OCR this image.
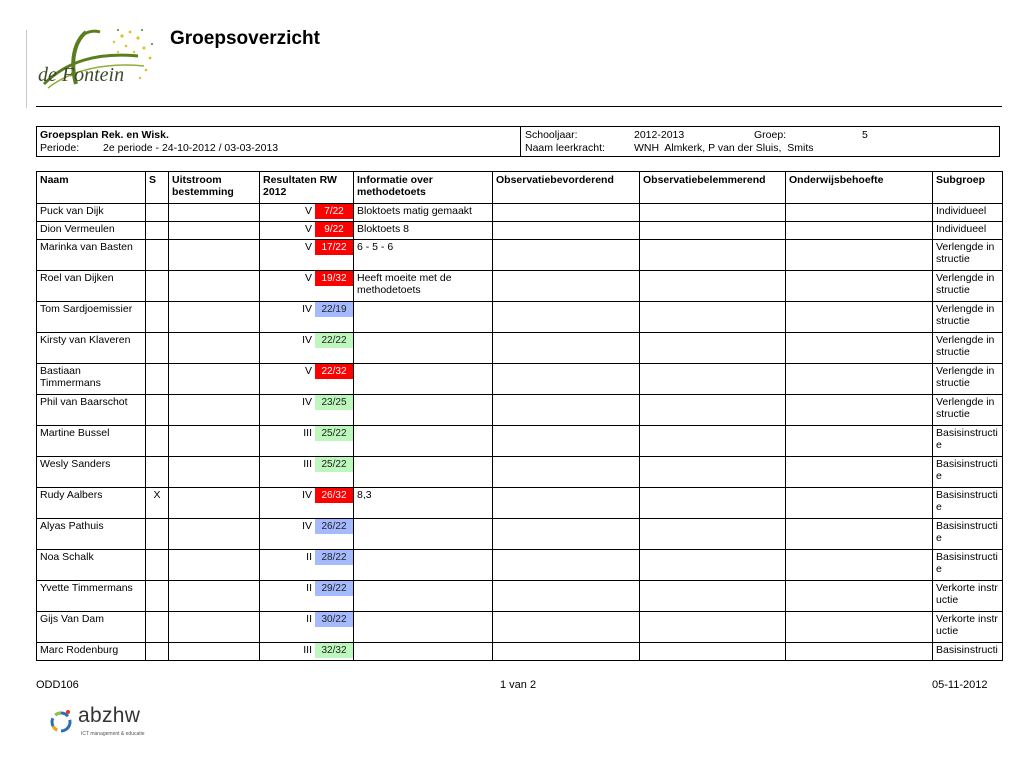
de Fontein
Groepsoverzicht
Groepsplan Rek. en Wisk.
Periode: 2e periode - 24-10-2012 / 03-03-2013
Schooljaar:	2012-2013	Groep:	5
Naam leerkracht:	WNH  Almkerk, P van der Sluis,  Smits
Naam	S	Uitstroom bestemming	Resultaten RW 2012	Informatie over methodetoets	Observatiebevorderend	Observatiebelemmerend	Onderwijsbehoefte	Subgroep
Puck van Dijk			V 7/22	Bloktoets matig gemaakt				Individueel
Dion Vermeulen			V 9/22	Bloktoets 8				Individueel
Marinka van Basten			V 17/22	6 - 5 - 6				Verlengde instructie
Roel van Dijken			V 19/32	Heeft moeite met de methodetoets				Verlengde instructie
Tom Sardjoemissier			IV 22/19					Verlengde instructie
Kirsty van Klaveren			IV 22/22					Verlengde instructie
Bastiaan Timmermans			V 22/32					Verlengde instructie
Phil van Baarschot			IV 23/25					Verlengde instructie
Martine Bussel			III 25/22					Basisinstructie
Wesly Sanders			III 25/22					Basisinstructie
Rudy Aalbers	X		IV 26/32	8,3				Basisinstructie
Alyas Pathuis			IV 26/22					Basisinstructie
Noa Schalk			II 28/22					Basisinstructie
Yvette Timmermans			II 29/22					Verkorte instructie
Gijs Van Dam			II 30/22					Verkorte instructie
Marc Rodenburg			III 32/32					Basisinstructi
ODD106	1 van 2	05-11-2012
abzhw
ICT management & educatie
